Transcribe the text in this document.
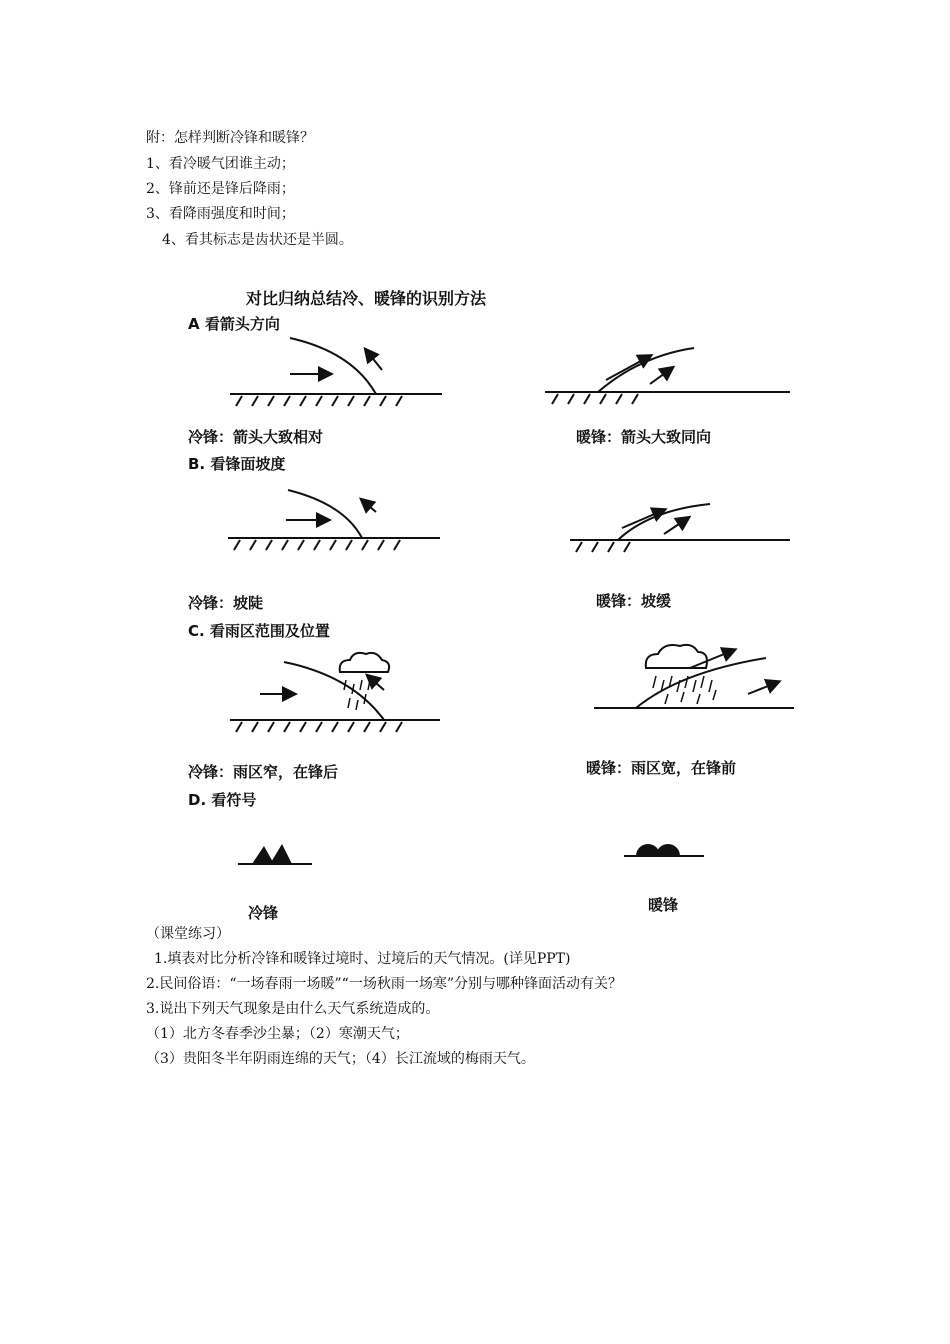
附：怎样判断冷锋和暖锋？
1、看冷暖气团谁主动；
2、锋前还是锋后降雨；
3、看降雨强度和时间；
4、看其标志是齿状还是半圆。
对比归纳总结冷、暖锋的识别方法
A 看箭头方向
冷锋：箭头大致相对	暖锋：箭头大致同向
B. 看锋面坡度
冷锋：坡陡	暖锋：坡缓
C. 看雨区范围及位置
冷锋：雨区窄，在锋后	暖锋：雨区宽，在锋前
D. 看符号
冷锋	暖锋
（课堂练习）
1.填表对比分析冷锋和暖锋过境时、过境后的天气情况。(详见PPT)
2.民间俗语：“一场春雨一场暖”“一场秋雨一场寒”分别与哪种锋面活动有关？
3.说出下列天气现象是由什么天气系统造成的。
（1）北方冬春季沙尘暴；（2）寒潮天气；
（3）贵阳冬半年阴雨连绵的天气；（4）长江流域的梅雨天气。
